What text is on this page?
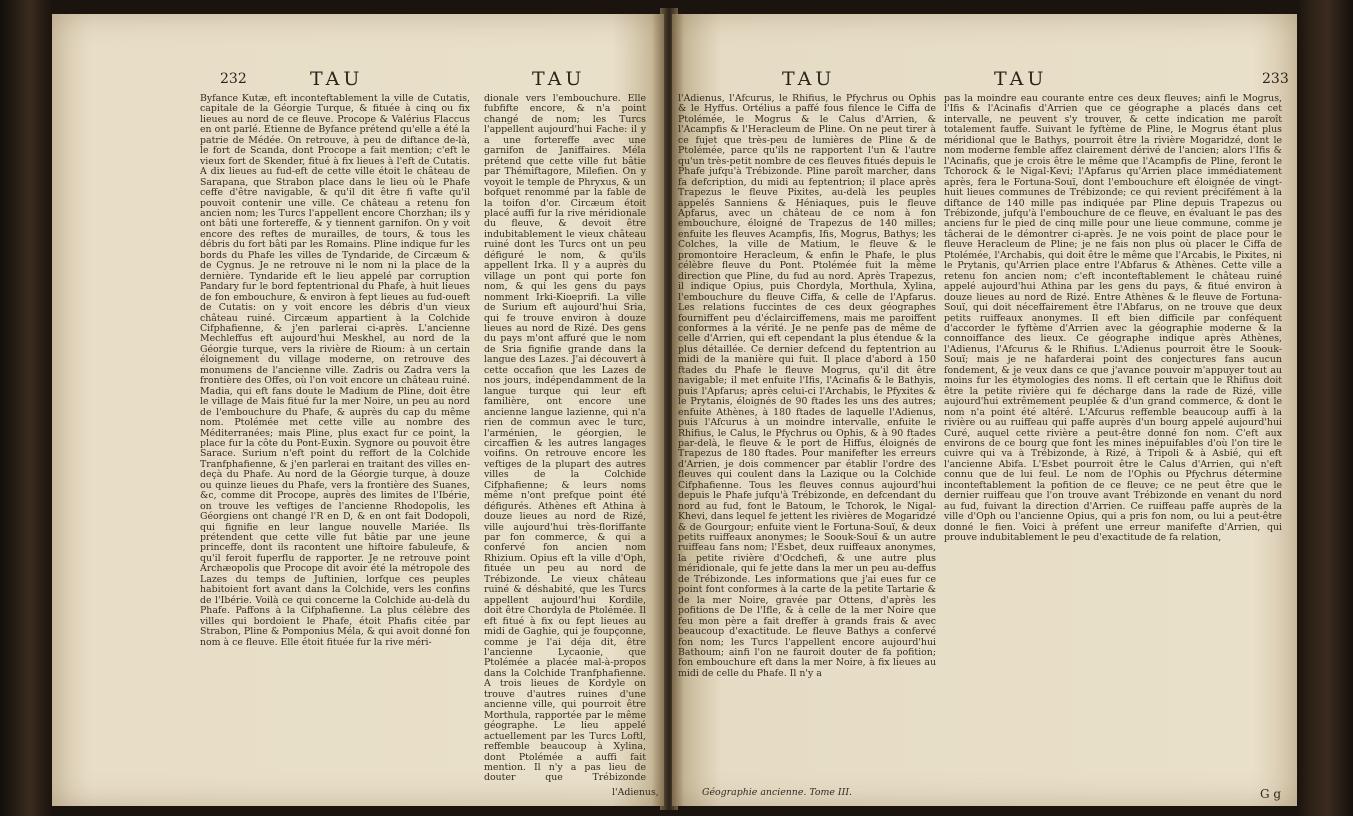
232	TAU	TAU
Byfance Kutæ, eft inconteftablement la ville de Cutatis, capitale de la Géorgie Turque, & fituée à cinq ou fix lieues au nord de ce fleuve. Procope & Valérius Flaccus en ont parlé. Etienne de Byfance prétend qu'elle a été la patrie de Médée. On retrouve, à peu de diftance de-là, le fort de Scanda, dont Procope a fait mention; c'eft le vieux fort de Skender, fitué à fix lieues à l'eft de Cutatis. A dix lieues au fud-eft de cette ville étoit le château de Sarapana, que Strabon place dans le lieu où le Phafe ceffe d'être navigable, & qu'il dit être fi vafte qu'il pouvoit contenir une ville. Ce château a retenu fon ancien nom; les Turcs l'appellent encore Chorzhan; ils y ont bâti une fortereffe, & y tiennent garnifon. On y voit encore des reftes de murailles, de tours, & tous les débris du fort bâti par les Romains. Pline indique fur les bords du Phafe les villes de Tyndaride, de Circæum & de Cygnus. Je ne retrouve ni le nom ni la place de la dernière. Tyndaride eft le lieu appelé par corruption Pandary fur le bord feptentrional du Phafe, à huit lieues de fon embouchure, & environ à fept lieues au fud-oueft de Cutatis: on y voit encore les débris d'un vieux château ruiné. Circæum appartient à la Colchide Cifphafienne, & j'en parlerai ci-après. L'ancienne Mechleffus eft aujourd'hui Meskhel, au nord de la Géorgie turque, vers la rivière de Rioum: à un certain éloignement du village moderne, on retrouve des monumens de l'ancienne ville. Zadris ou Zadra vers la frontière des Offes, où l'on voit encore un château ruiné. Madia, qui eft fans doute le Madium de Pline, doit être le village de Mais fitué fur la mer Noire, un peu au nord de l'embouchure du Phafe, & auprès du cap du même nom. Ptolémée met cette ville au nombre des Méditerranées; mais Pline, plus exact fur ce point, la place fur la côte du Pont-Euxin. Sygnore ou pouvoit être Sarace. Surium n'eft point du reffort de la Colchide Tranfphafienne, & j'en parlerai en traitant des villes en-deçà du Phafe. Au nord de la Géorgie turque, à douze ou quinze lieues du Phafe, vers la frontière des Suanes, &c, comme dit Procope, auprès des limites de l'Ibérie, on trouve les veftiges de l'ancienne Rhodopolis, les Géorgiens ont changé l'R en D, & en ont fait Dodopoli, qui fignifie en leur langue nouvelle Mariée. Ils prétendent que cette ville fut bâtie par une jeune princeffe, dont ils racontent une hiftoire fabuleufe, & qu'il feroit fuperflu de rapporter. Je ne retrouve point Archæopolis que Procope dit avoir été la métropole des Lazes du temps de Juftinien, lorfque ces peuples habitoient fort avant dans la Colchide, vers les confins de l'Ibérie. Voilà ce qui concerne la Colchide au-delà du Phafe. Paffons à la Cifphafienne. La plus célèbre des villes qui bordoient le Phafe, étoit Phafis citée par Strabon, Pline & Pomponius Méla, & qui avoit donné fon nom à ce fleuve. Elle étoit fituée fur la rive méri-
dionale vers l'embouchure. Elle fubfifte encore, & n'a point changé de nom; les Turcs l'appellent aujourd'hui Fache: il y a une fortereffe avec une garnifon de Janiffaires. Méla prétend que cette ville fut bâtie par Thémiftagore, Milefien. On y voyoit le temple de Phryxus, & un bofquet renommé par la fable de la toifon d'or. Circæum étoit placé auffi fur la rive méridionale du fleuve, & devoit être indubitablement le vieux château ruiné dont les Turcs ont un peu défiguré le nom, & qu'ils appellent Irka. Il y a auprès du village un pont qui porte fon nom, & qui les gens du pays nomment Irki-Kioeprifi. La ville de Surium eft aujourd'hui Sria, qui fe trouve environ à douze lieues au nord de Rizé. Des gens du pays m'ont affuré que le nom de Sria fignifie grande dans la langue des Lazes. J'ai découvert à cette occafion que les Lazes de nos jours, indépendamment de la langue turque qui leur eft familière, ont encore une ancienne langue lazienne, qui n'a rien de commun avec le turc, l'arménien, le géorgien, le circaffien & les autres langages voifins. On retrouve encore les veftiges de la plupart des autres villes de la Colchide Cifphafienne; & leurs noms même n'ont prefque point été défigurés. Athènes eft Athina à douze lieues au nord de Rizé, ville aujourd'hui très-floriffante par fon commerce, & qui a confervé fon ancien nom Rhizium. Opius eft la ville d'Oph, fituée un peu au nord de Trébizonde. Le vieux château ruiné & déshabité, que les Turcs appellent aujourd'hui Kordile, doit être Chordyla de Ptolémée. Il eft fitué à fix ou fept lieues au midi de Gaghie, qui je foupçonne, comme je l'ai déja dit, être l'ancienne Lycaonie, que Ptolémée a placée mal-à-propos dans la Colchide Tranfphafienne. A trois lieues de Kordyle on trouve d'autres ruines d'une ancienne ville, qui pourroit être Morthula, rapportée par le même géographe. Le lieu appelé actuellement par les Turcs Loftl, reffemble beaucoup à Xylina, dont Ptolémée a auffi fait mention. Il n'y a pas lieu de douter que Trébizonde
l'Adienus,
TAU	TAU	233
l'Adienus, l'Afcurus, le Rhifius, le Pfychrus ou Ophis & le Hyffus. Ortélius a paffé fous filence le Ciffa de Ptolémée, le Mogrus & le Calus d'Arrien, & l'Acampfis & l'Heracleum de Pline. On ne peut tirer à ce fujet que très-peu de lumières de Pline & de Ptolémée, parce qu'ils ne rapportent l'un & l'autre qu'un très-petit nombre de ces fleuves fitués depuis le Phafe jufqu'à Trébizonde. Pline paroît marcher, dans fa defcription, du midi au feptentrion; il place après Trapezus le fleuve Pixites, au-delà les peuples appelés Sanniens & Héniaques, puis le fleuve Apfarus, avec un château de ce nom à fon embouchure, éloigné de Trapezus de 140 milles; enfuite les fleuves Acampfis, Ifis, Mogrus, Bathys; les Colches, la ville de Matium, le fleuve & le promontoire Heracleum, & enfin le Phafe, le plus célèbre fleuve du Pont. Ptolémée fuit la même direction que Pline, du fud au nord. Après Trapezus, il indique Opius, puis Chordyla, Morthula, Xylina, l'embouchure du fleuve Ciffa, & celle de l'Apfarus. Les relations fuccintes de ces deux géographes fourniffent peu d'éclairciffemens, mais me paroiffent conformes à la vérité. Je ne penfe pas de même de celle d'Arrien, qui eft cependant la plus étendue & la plus détaillée. Ce dernier defcend du feptentrion au midi de la manière qui fuit. Il place d'abord à 150 ftades du Phafe le fleuve Mogrus, qu'il dit être navigable; il met enfuite l'Ifis, l'Acinafis & le Bathyis, puis l'Apfarus; après celui-ci l'Archabis, le Pfyxites & le Prytanis, éloignés de 90 ftades les uns des autres; enfuite Athènes, à 180 ftades de laquelle l'Adienus, puis l'Afcurus à un moindre intervalle, enfuite le Rhifius, le Calus, le Pfychrus ou Ophis, & à 90 ftades par-delà, le fleuve & le port de Hiffus, éloignés de Trapezus de 180 ftades. Pour manifefter les erreurs d'Arrien, je dois commencer par établir l'ordre des fleuves qui coulent dans la Lazique ou la Colchide Cifphafienne. Tous les fleuves connus aujourd'hui depuis le Phafe jufqu'à Trébizonde, en defcendant du nord au fud, font le Batoum, le Tchorok, le Nigal-Khevi, dans lequel fe jettent les rivières de Mogaridzé & de Gourgour; enfuite vient le Fortuna-Souï, & deux petits ruiffeaux anonymes; le Soouk-Souï & un autre ruiffeau fans nom; l'Esbet, deux ruiffeaux anonymes, la petite rivière d'Ocdchefi, & une autre plus méridionale, qui fe jette dans la mer un peu au-deffus de Trébizonde. Les informations que j'ai eues fur ce point font conformes à la carte de la petite Tartarie & de la mer Noire, gravée par Ottens, d'après les pofitions de De l'Ifle, & à celle de la mer Noire que feu mon père a fait dreffer à grands frais & avec beaucoup d'exactitude. Le fleuve Bathys a confervé fon nom; les Turcs l'appellent encore aujourd'hui Bathoum; ainfi l'on ne fauroit douter de fa pofition; fon embouchure eft dans la mer Noire, à fix lieues au midi de celle du Phafe. Il n'y a
pas la moindre eau courante entre ces deux fleuves; ainfi le Mogrus, l'Ifis & l'Acinafis d'Arrien que ce géographe a placés dans cet intervalle, ne peuvent s'y trouver, & cette indication me paroît totalement fauffe. Suivant le fyftème de Pline, le Mogrus étant plus méridional que le Bathys, pourroit être la rivière Mogaridzé, dont le nom moderne femble affez clairement dérivé de l'ancien; alors l'Ifis & l'Acinafis, que je crois être le même que l'Acampfis de Pline, feront le Tchorock & le Nigal-Kevi; l'Apfarus qu'Arrien place immédiatement après, fera le Fortuna-Souï, dont l'embouchure eft éloignée de vingt-huit lieues communes de Trébizonde; ce qui revient précifément à la diftance de 140 mille pas indiquée par Pline depuis Trapezus ou Trébizonde, jufqu'à l'embouchure de ce fleuve, en évaluant le pas des anciens fur le pied de cinq mille pour une lieue commune, comme je tâcherai de le démontrer ci-après. Je ne vois point de place pour le fleuve Heracleum de Pline; je ne fais non plus où placer le Ciffa de Ptolémée, l'Archabis, qui doit être le même que l'Arcabis, le Pixites, ni le Prytanis, qu'Arrien place entre l'Abfarus & Athènes. Cette ville a retenu fon ancien nom; c'eft inconteftablement le château ruiné appelé aujourd'hui Athina par les gens du pays, & fitué environ à douze lieues au nord de Rizé. Entre Athènes & le fleuve de Fortuna-Souï, qui doit néceffairement être l'Abfarus, on ne trouve que deux petits ruiffeaux anonymes. Il eft bien difficile par conféquent d'accorder le fyftème d'Arrien avec la géographie moderne & la connoiffance des lieux. Ce géographe indique après Athènes, l'Adienus, l'Afcurus & le Rhifius. L'Adienus pourroit être le Soouk-Souï; mais je ne hafarderai point des conjectures fans aucun fondement, & je veux dans ce que j'avance pouvoir m'appuyer tout au moins fur les étymologies des noms. Il eft certain que le Rhifius doit être la petite rivière qui fe décharge dans la rade de Rizé, ville aujourd'hui extrêmement peuplée & d'un grand commerce, & dont le nom n'a point été altéré. L'Afcurus reffemble beaucoup auffi à la rivière ou au ruiffeau qui paffe auprès d'un bourg appelé aujourd'hui Curé, auquel cette rivière a peut-être donné fon nom. C'eft aux environs de ce bourg que font les mines inépuifables d'où l'on tire le cuivre qui va à Trébizonde, à Rizé, à Tripoli & à Asbié, qui eft l'ancienne Abifa. L'Esbet pourroit être le Calus d'Arrien, qui n'eft connu que de lui feul. Le nom de l'Ophis ou Pfychrus détermine inconteftablement la pofition de ce fleuve; ce ne peut être que le dernier ruiffeau que l'on trouve avant Trébizonde en venant du nord au fud, fuivant la direction d'Arrien. Ce ruiffeau paffe auprès de la ville d'Oph ou l'ancienne Opius, qui a pris fon nom, ou lui a peut-être donné le fien. Voici à préfent une erreur manifefte d'Arrien, qui prouve indubitablement le peu d'exactitude de fa relation,
Géographie ancienne. Tome III.	G g
